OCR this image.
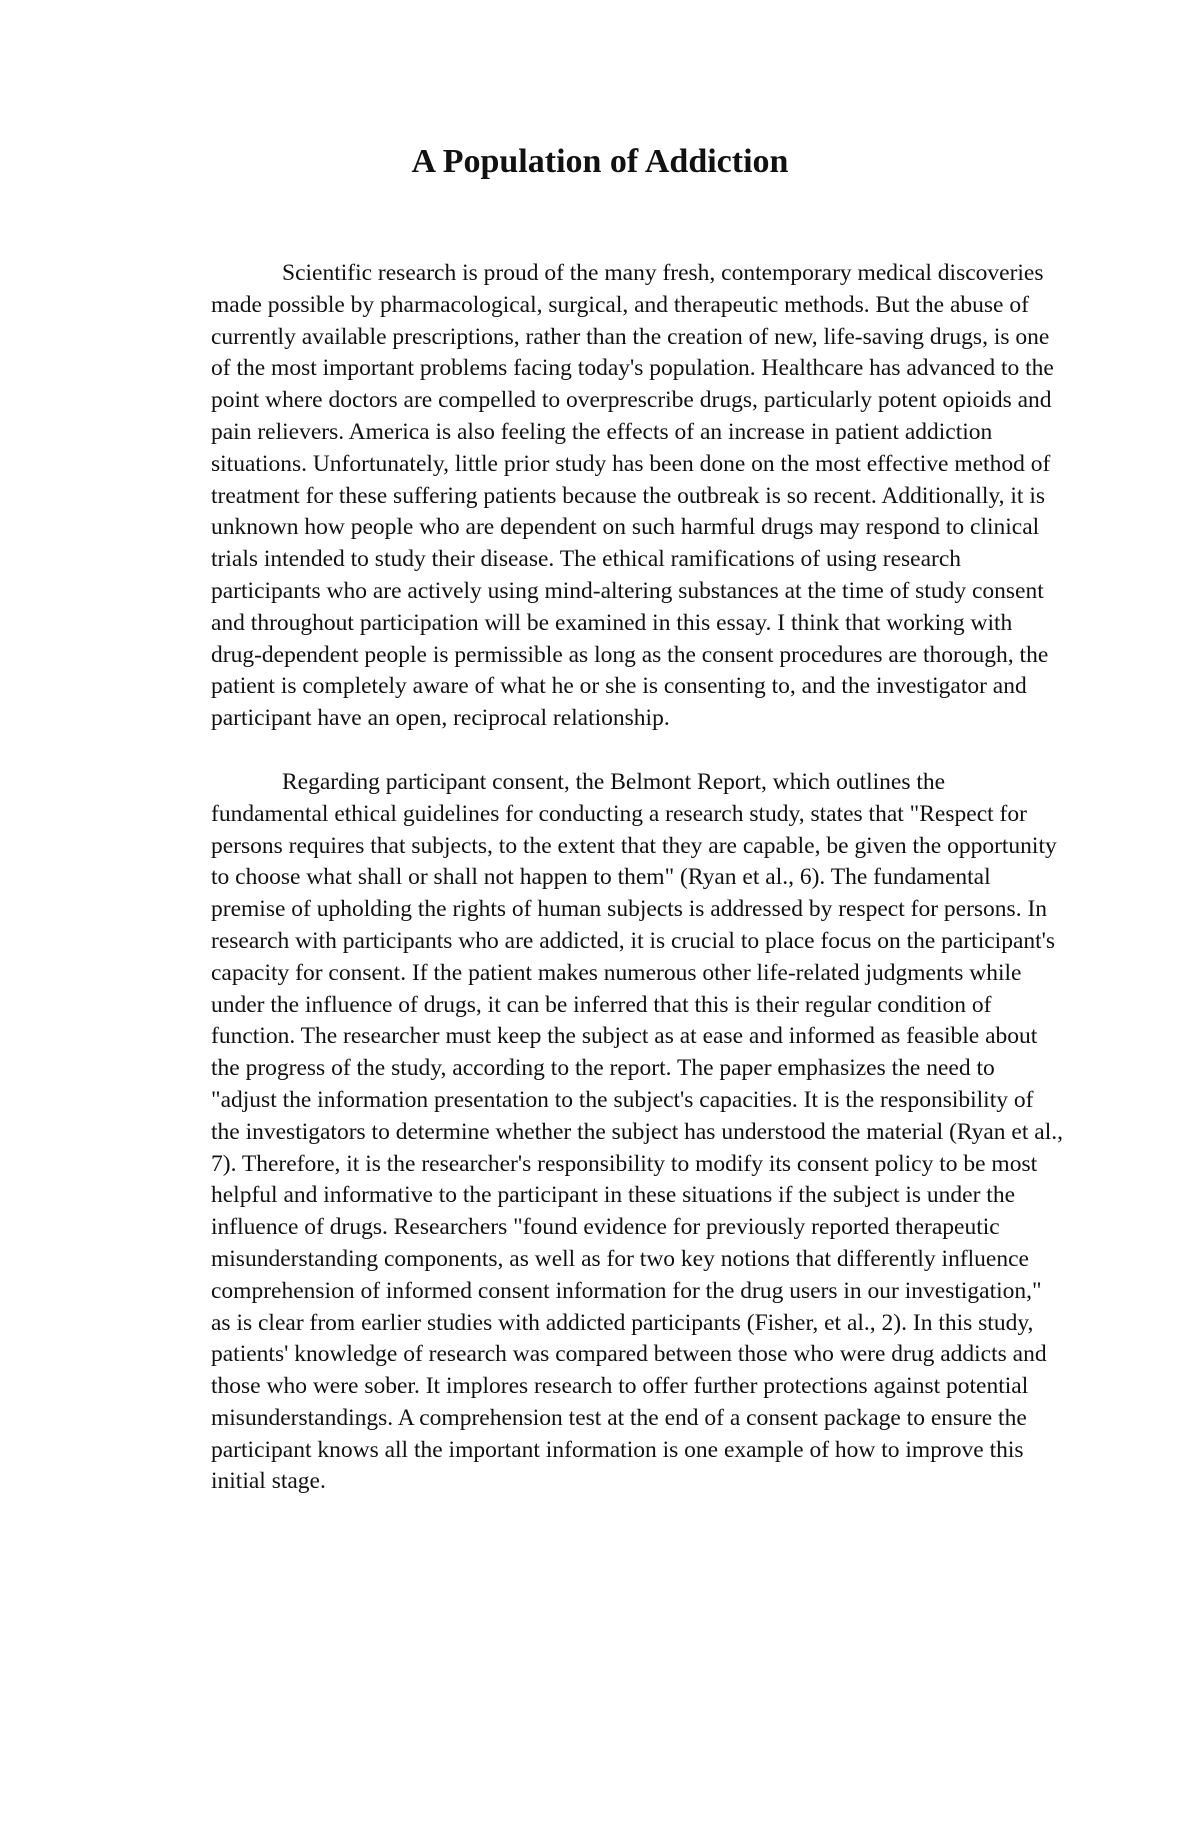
A Population of Addiction

Scientific research is proud of the many fresh, contemporary medical discoveries made possible by pharmacological, surgical, and therapeutic methods. But the abuse of currently available prescriptions, rather than the creation of new, life-saving drugs, is one of the most important problems facing today's population. Healthcare has advanced to the point where doctors are compelled to overprescribe drugs, particularly potent opioids and pain relievers. America is also feeling the effects of an increase in patient addiction situations. Unfortunately, little prior study has been done on the most effective method of treatment for these suffering patients because the outbreak is so recent. Additionally, it is unknown how people who are dependent on such harmful drugs may respond to clinical trials intended to study their disease. The ethical ramifications of using research participants who are actively using mind-altering substances at the time of study consent and throughout participation will be examined in this essay. I think that working with drug-dependent people is permissible as long as the consent procedures are thorough, the patient is completely aware of what he or she is consenting to, and the investigator and participant have an open, reciprocal relationship.

Regarding participant consent, the Belmont Report, which outlines the fundamental ethical guidelines for conducting a research study, states that "Respect for persons requires that subjects, to the extent that they are capable, be given the opportunity to choose what shall or shall not happen to them" (Ryan et al., 6). The fundamental premise of upholding the rights of human subjects is addressed by respect for persons. In research with participants who are addicted, it is crucial to place focus on the participant's capacity for consent. If the patient makes numerous other life-related judgments while under the influence of drugs, it can be inferred that this is their regular condition of function. The researcher must keep the subject as at ease and informed as feasible about the progress of the study, according to the report. The paper emphasizes the need to "adjust the information presentation to the subject's capacities. It is the responsibility of the investigators to determine whether the subject has understood the material (Ryan et al., 7). Therefore, it is the researcher's responsibility to modify its consent policy to be most helpful and informative to the participant in these situations if the subject is under the influence of drugs. Researchers "found evidence for previously reported therapeutic misunderstanding components, as well as for two key notions that differently influence comprehension of informed consent information for the drug users in our investigation," as is clear from earlier studies with addicted participants (Fisher, et al., 2). In this study, patients' knowledge of research was compared between those who were drug addicts and those who were sober. It implores research to offer further protections against potential misunderstandings. A comprehension test at the end of a consent package to ensure the participant knows all the important information is one example of how to improve this initial stage.
